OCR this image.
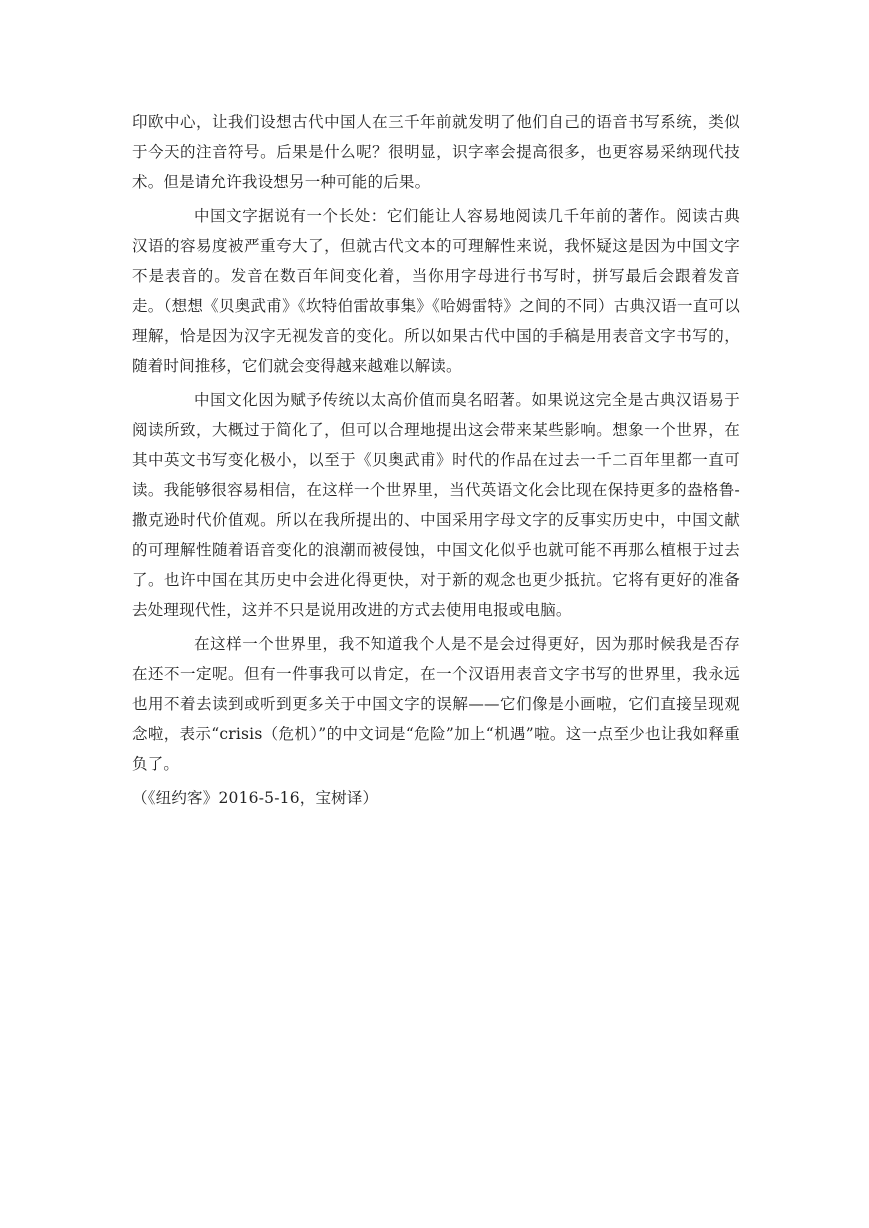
印欧中心，让我们设想古代中国人在三千年前就发明了他们自己的语音书写系统，类似于今天的注音符号。后果是什么呢？很明显，识字率会提高很多，也更容易采纳现代技术。但是请允许我设想另一种可能的后果。

中国文字据说有一个长处：它们能让人容易地阅读几千年前的著作。阅读古典汉语的容易度被严重夸大了，但就古代文本的可理解性来说，我怀疑这是因为中国文字不是表音的。发音在数百年间变化着，当你用字母进行书写时，拼写最后会跟着发音走。（想想《贝奥武甫》《坎特伯雷故事集》《哈姆雷特》之间的不同）古典汉语一直可以理解，恰是因为汉字无视发音的变化。所以如果古代中国的手稿是用表音文字书写的，随着时间推移，它们就会变得越来越难以解读。

中国文化因为赋予传统以太高价值而臭名昭著。如果说这完全是古典汉语易于阅读所致，大概过于简化了，但可以合理地提出这会带来某些影响。想象一个世界，在其中英文书写变化极小，以至于《贝奥武甫》时代的作品在过去一千二百年里都一直可读。我能够很容易相信，在这样一个世界里，当代英语文化会比现在保持更多的盎格鲁-撒克逊时代价值观。所以在我所提出的、中国采用字母文字的反事实历史中，中国文献的可理解性随着语音变化的浪潮而被侵蚀，中国文化似乎也就可能不再那么植根于过去了。也许中国在其历史中会进化得更快，对于新的观念也更少抵抗。它将有更好的准备去处理现代性，这并不只是说用改进的方式去使用电报或电脑。

在这样一个世界里，我不知道我个人是不是会过得更好，因为那时候我是否存在还不一定呢。但有一件事我可以肯定，在一个汉语用表音文字书写的世界里，我永远也用不着去读到或听到更多关于中国文字的误解——它们像是小画啦，它们直接呈现观念啦，表示“crisis（危机）”的中文词是“危险”加上“机遇”啦。这一点至少也让我如释重负了。

（《纽约客》2016-5-16，宝树译）
